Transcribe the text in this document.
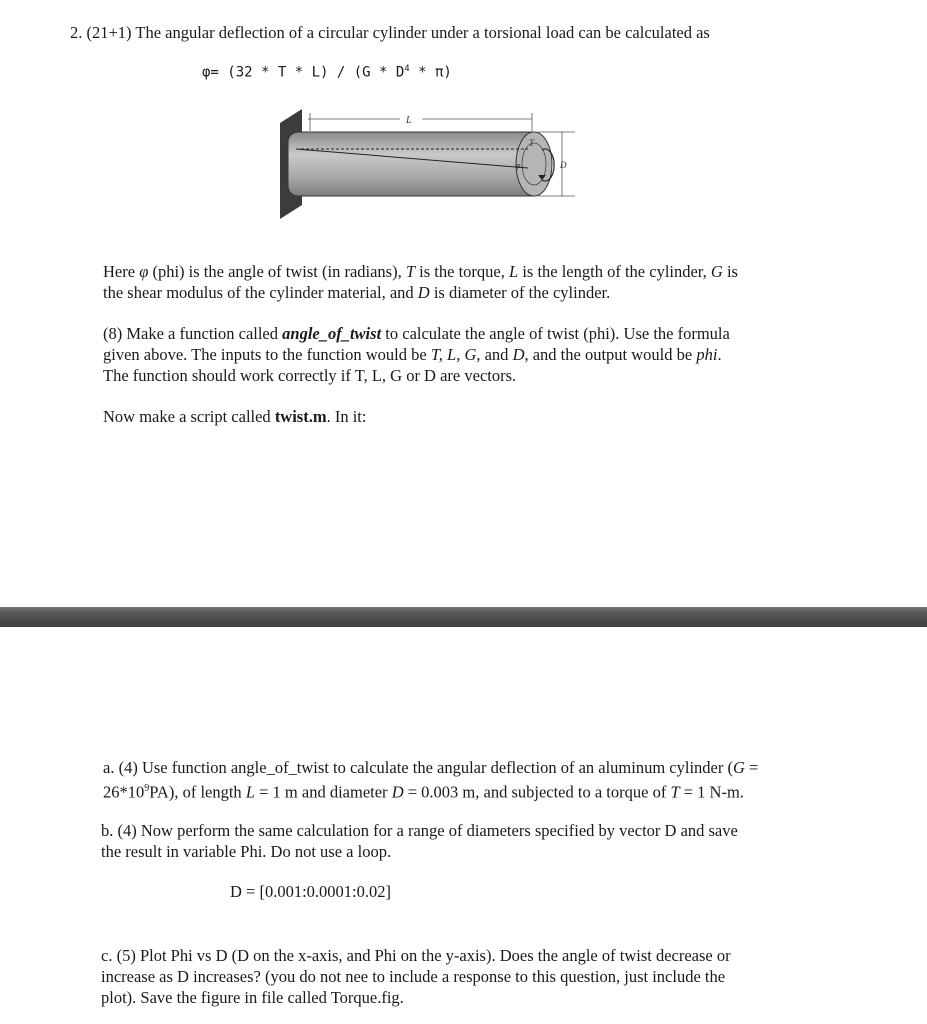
2. (21+1) The angular deflection of a circular cylinder under a torsional load can be calculated as
$\varphi= (32 * T * L) / (G * D^4 * \pi)$
L
D
T
φ
Here φ (phi) is the angle of twist (in radians), T is the torque, L is the length of the cylinder, G is
the shear modulus of the cylinder material, and D is diameter of the cylinder.
(8) Make a function called angle_of_twist to calculate the angle of twist (phi). Use the formula
given above. The inputs to the function would be T, L, G, and D, and the output would be phi.
The function should work correctly if T, L, G or D are vectors.
Now make a script called twist.m. In it:
a. (4) Use function angle_of_twist to calculate the angular deflection of an aluminum cylinder (G =
$26*10^9PA$), of length L = 1 m and diameter D = 0.003 m, and subjected to a torque of T = 1 N-m.
b. (4) Now perform the same calculation for a range of diameters specified by vector D and save
the result in variable Phi. Do not use a loop.
D = [0.001:0.0001:0.02]
c. (5) Plot Phi vs D (D on the x-axis, and Phi on the y-axis). Does the angle of twist decrease or
increase as D increases? (you do not nee to include a response to this question, just include the
plot). Save the figure in file called Torque.fig.
